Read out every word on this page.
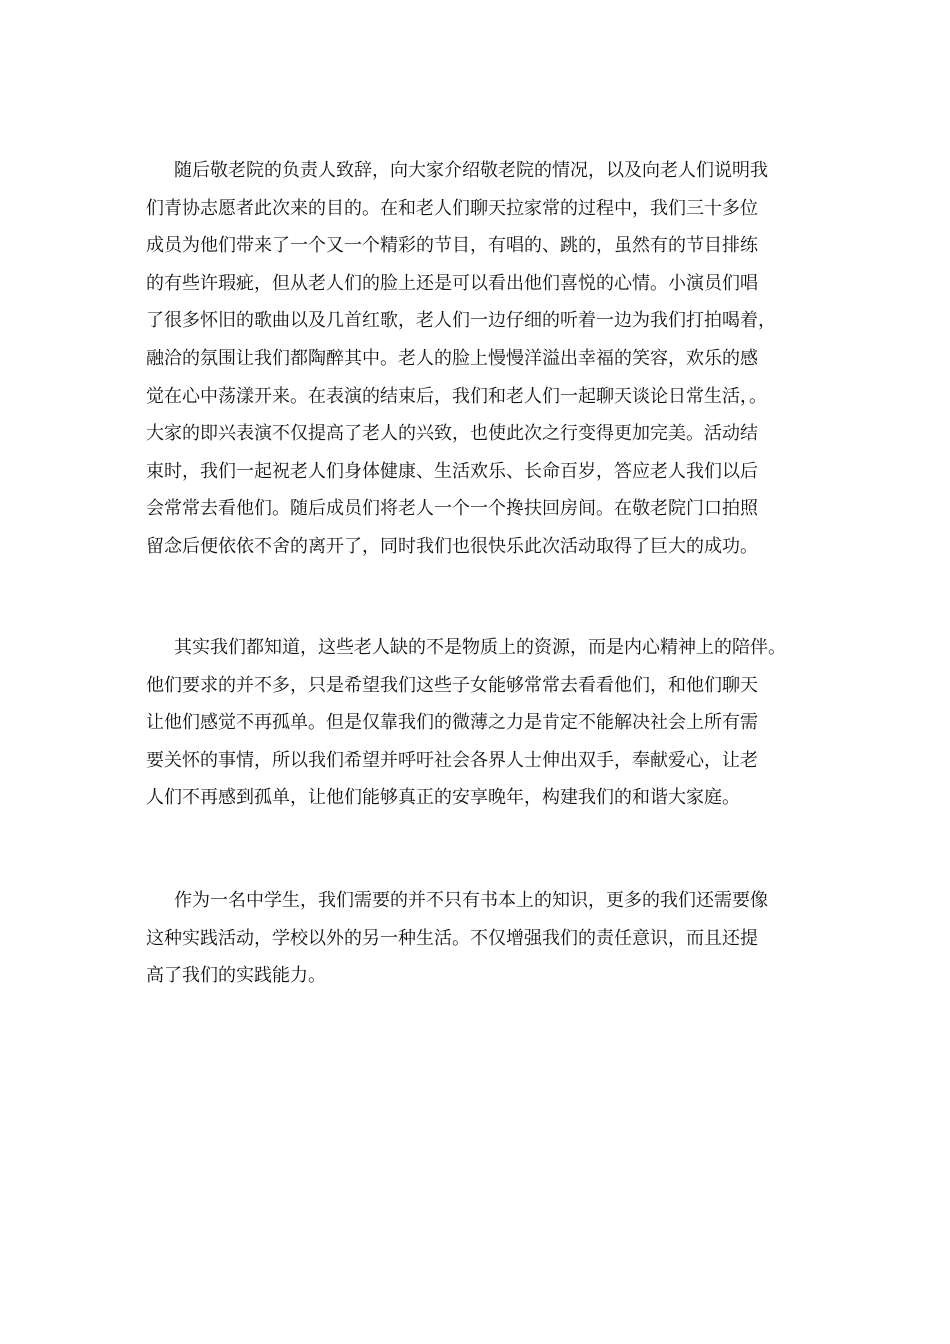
随后敬老院的负责人致辞，向大家介绍敬老院的情况，以及向老人们说明我
们青协志愿者此次来的目的。在和老人们聊天拉家常的过程中，我们三十多位
成员为他们带来了一个又一个精彩的节目，有唱的、跳的，虽然有的节目排练
的有些许瑕疵，但从老人们的脸上还是可以看出他们喜悦的心情。小演员们唱
了很多怀旧的歌曲以及几首红歌，老人们一边仔细的听着一边为我们打拍喝着，
融洽的氛围让我们都陶醉其中。老人的脸上慢慢洋溢出幸福的笑容，欢乐的感
觉在心中荡漾开来。在表演的结束后，我们和老人们一起聊天谈论日常生活，。
大家的即兴表演不仅提高了老人的兴致，也使此次之行变得更加完美。活动结
束时，我们一起祝老人们身体健康、生活欢乐、长命百岁，答应老人我们以后
会常常去看他们。随后成员们将老人一个一个搀扶回房间。在敬老院门口拍照
留念后便依依不舍的离开了，同时我们也很快乐此次活动取得了巨大的成功。
其实我们都知道，这些老人缺的不是物质上的资源，而是内心精神上的陪伴。
他们要求的并不多，只是希望我们这些子女能够常常去看看他们，和他们聊天
让他们感觉不再孤单。但是仅靠我们的微薄之力是肯定不能解决社会上所有需
要关怀的事情，所以我们希望并呼吁社会各界人士伸出双手，奉献爱心，让老
人们不再感到孤单，让他们能够真正的安享晚年，构建我们的和谐大家庭。
作为一名中学生，我们需要的并不只有书本上的知识，更多的我们还需要像
这种实践活动，学校以外的另一种生活。不仅增强我们的责任意识，而且还提
高了我们的实践能力。
